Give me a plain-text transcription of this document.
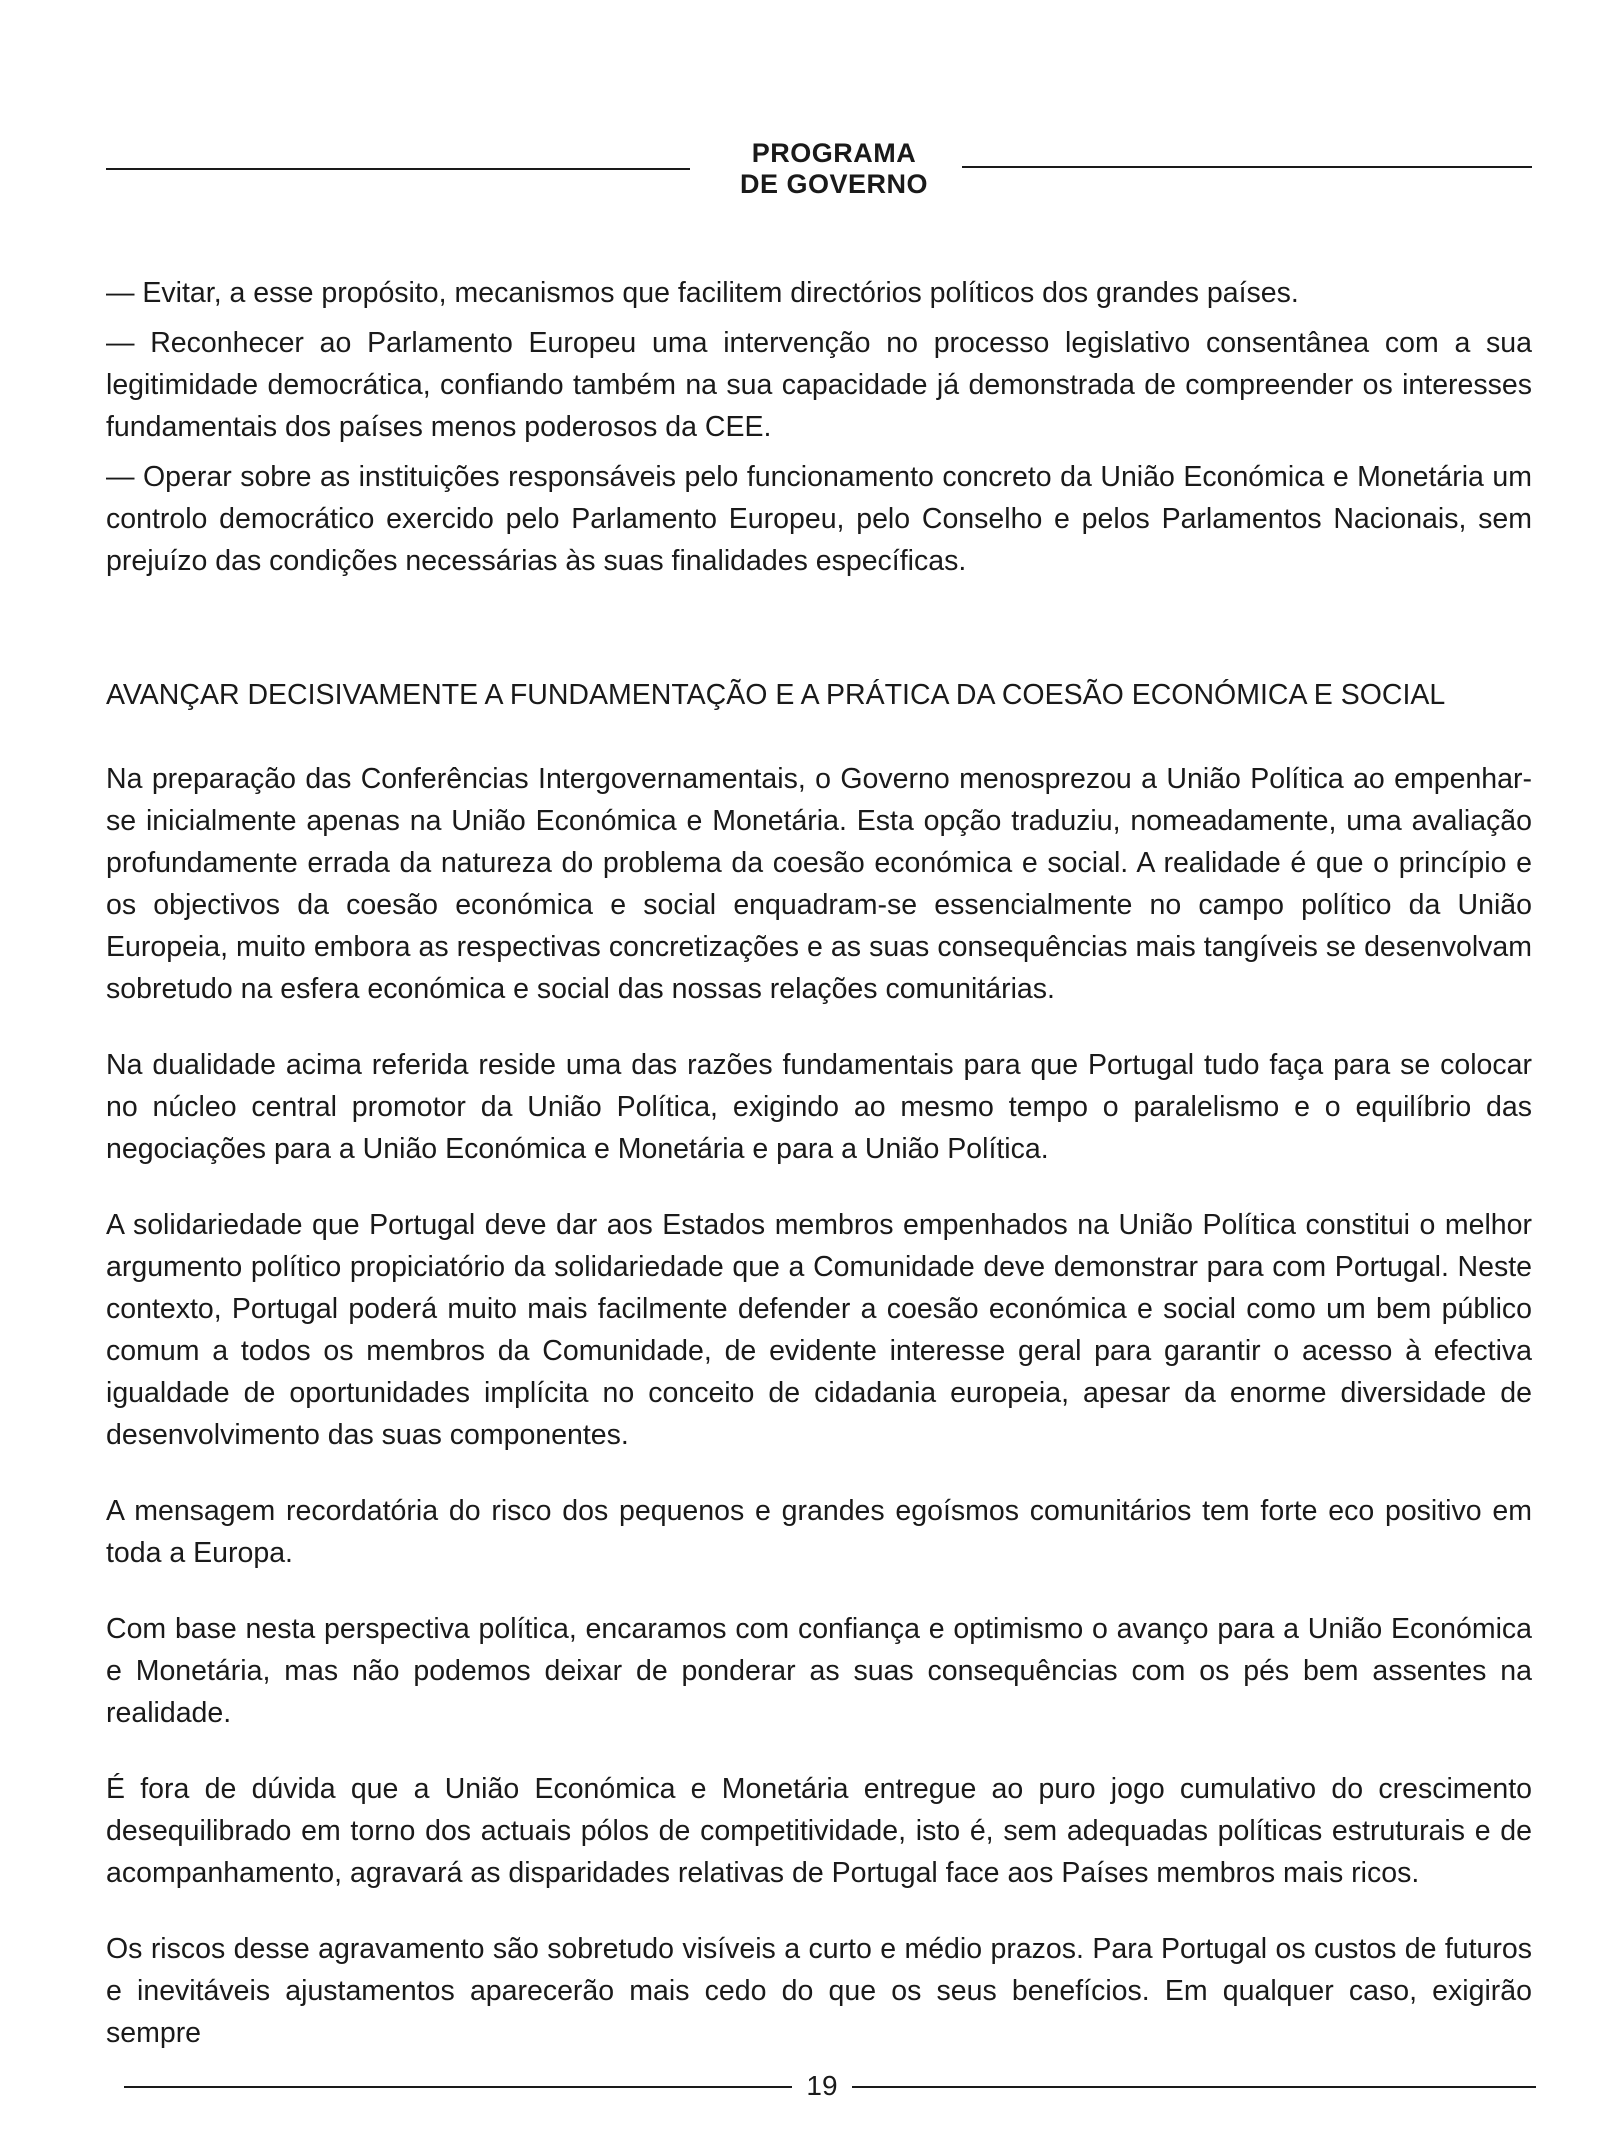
PROGRAMA
DE GOVERNO

— Evitar, a esse propósito, mecanismos que facilitem directórios políticos dos grandes países.

— Reconhecer ao Parlamento Europeu uma intervenção no processo legislativo consentânea com a sua legitimidade democrática, confiando também na sua capacidade já demonstrada de compreender os interesses fundamentais dos países menos poderosos da CEE.

— Operar sobre as instituições responsáveis pelo funcionamento concreto da União Económica e Monetária um controlo democrático exercido pelo Parlamento Europeu, pelo Conselho e pelos Parlamentos Nacionais, sem prejuízo das condições necessárias às suas finalidades específicas.

AVANÇAR DECISIVAMENTE A FUNDAMENTAÇÃO E A PRÁTICA DA COESÃO ECONÓMICA E SOCIAL

Na preparação das Conferências Intergovernamentais, o Governo menosprezou a União Política ao empenhar-se inicialmente apenas na União Económica e Monetária. Esta opção traduziu, nomeadamente, uma avaliação profundamente errada da natureza do problema da coesão económica e social. A realidade é que o princípio e os objectivos da coesão económica e social enquadram-se essencialmente no campo político da União Europeia, muito embora as respectivas concretizações e as suas consequências mais tangíveis se desenvolvam sobretudo na esfera económica e social das nossas relações comunitárias.

Na dualidade acima referida reside uma das razões fundamentais para que Portugal tudo faça para se colocar no núcleo central promotor da União Política, exigindo ao mesmo tempo o paralelismo e o equilíbrio das negociações para a União Económica e Monetária e para a União Política.

A solidariedade que Portugal deve dar aos Estados membros empenhados na União Política constitui o melhor argumento político propiciatório da solidariedade que a Comunidade deve demonstrar para com Portugal. Neste contexto, Portugal poderá muito mais facilmente defender a coesão económica e social como um bem público comum a todos os membros da Comunidade, de evidente interesse geral para garantir o acesso à efectiva igualdade de oportunidades implícita no conceito de cidadania europeia, apesar da enorme diversidade de desenvolvimento das suas componentes.

A mensagem recordatória do risco dos pequenos e grandes egoísmos comunitários tem forte eco positivo em toda a Europa.

Com base nesta perspectiva política, encaramos com confiança e optimismo o avanço para a União Económica e Monetária, mas não podemos deixar de ponderar as suas consequências com os pés bem assentes na realidade.

É fora de dúvida que a União Económica e Monetária entregue ao puro jogo cumulativo do crescimento desequilibrado em torno dos actuais pólos de competitividade, isto é, sem adequadas políticas estruturais e de acompanhamento, agravará as disparidades relativas de Portugal face aos Países membros mais ricos.

Os riscos desse agravamento são sobretudo visíveis a curto e médio prazos. Para Portugal os custos de futuros e inevitáveis ajustamentos aparecerão mais cedo do que os seus benefícios. Em qualquer caso, exigirão sempre

19
